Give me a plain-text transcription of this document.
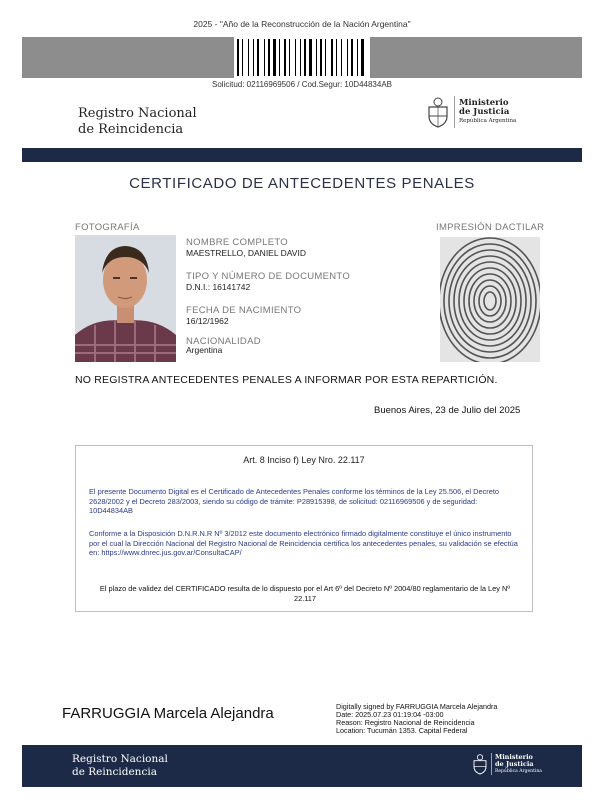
2025 - "Año de la Reconstrucción de la Nación Argentina"
Solicitud: 02116969506 / Cod.Segur: 10D44834AB
Registro Nacional
de Reincidencia
Ministerio
de Justicia
República Argentina
CERTIFICADO DE ANTECEDENTES PENALES
FOTOGRAFÍA	IMPRESIÓN DACTILAR
NOMBRE COMPLETO
MAESTRELLO, DANIEL DAVID
TIPO Y NÚMERO DE DOCUMENTO
D.N.I.: 16141742
FECHA DE NACIMIENTO
16/12/1962
NACIONALIDAD
Argentina
NO REGISTRA ANTECEDENTES PENALES A INFORMAR POR ESTA REPARTICIÓN.
Buenos Aires, 23 de Julio del 2025
Art. 8 Inciso f) Ley Nro. 22.117
El presente Documento Digital es el Certificado de Antecedentes Penales conforme los términos de la Ley 25.506, el Decreto 2628/2002 y el Decreto 283/2003, siendo su código de trámite: P28915398, de solicitud: 02116969506 y de seguridad: 10D44834AB
Conforme a la Disposición D.N.R.N.R Nº 3/2012 este documento electrónico firmado digitalmente constituye el único instrumento por el cual la Dirección Nacional del Registro Nacional de Reincidencia certifica los antecedentes penales, su validación se efectúa en: https://www.dnrec.jus.gov.ar/ConsultaCAP/
El plazo de validez del CERTIFICADO resulta de lo dispuesto por el Art 6º del Decreto Nº 2004/80 reglamentario de la Ley Nº 22.117
FARRUGGIA Marcela Alejandra	Digitally signed by FARRUGGIA Marcela Alejandra
Date: 2025.07.23 01:19:04 -03:00
Reason: Registro Nacional de Reincidencia
Location: Tucumán 1353. Capital Federal
Registro Nacional
de Reincidencia
Ministerio
de Justicia
República Argentina
